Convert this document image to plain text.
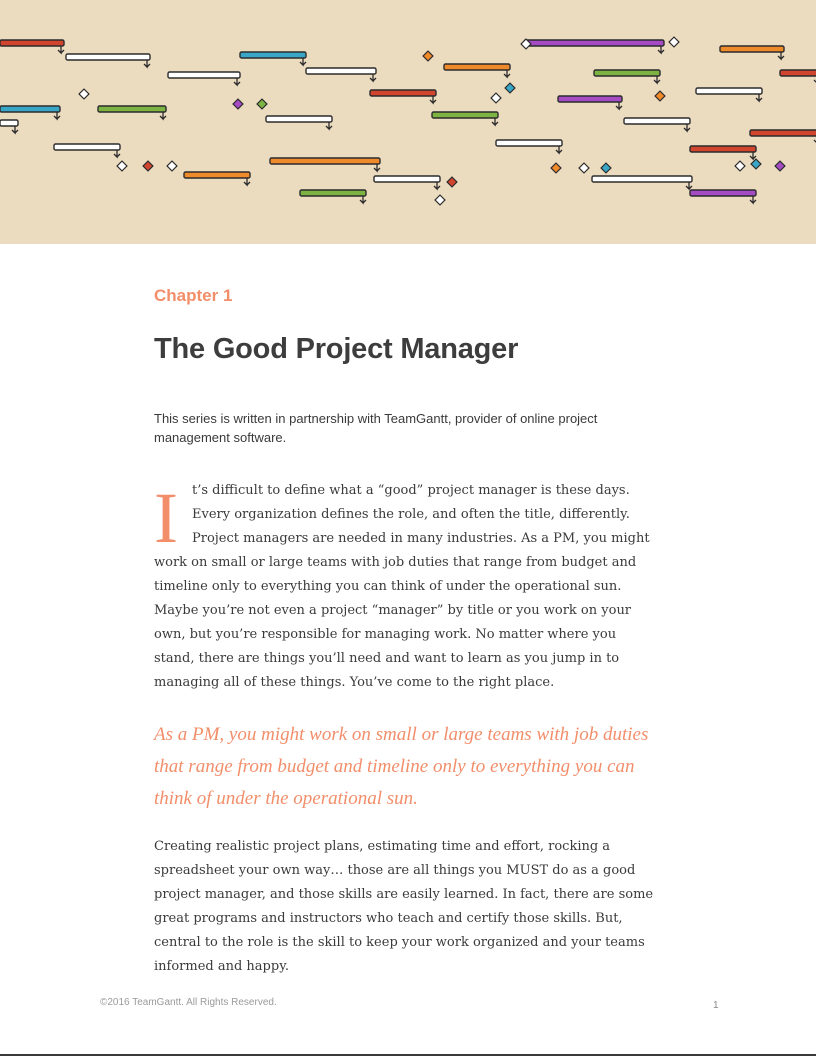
Chapter 1

The Good Project Manager

This series is written in partnership with TeamGantt, provider of online project management software.

I t’s difficult to define what a “good” project manager is these days. Every organization defines the role, and often the title, differently. Project managers are needed in many industries. As a PM, you might work on small or large teams with job duties that range from budget and timeline only to everything you can think of under the operational sun. Maybe you’re not even a project “manager” by title or you work on your own, but you’re responsible for managing work. No matter where you stand, there are things you’ll need and want to learn as you jump in to managing all of these things. You’ve come to the right place.

As a PM, you might work on small or large teams with job duties that range from budget and timeline only to everything you can think of under the operational sun.

Creating realistic project plans, estimating time and effort, rocking a spreadsheet your own way… those are all things you MUST do as a good project manager, and those skills are easily learned. In fact, there are some great programs and instructors who teach and certify those skills. But, central to the role is the skill to keep your work organized and your teams informed and happy.

©2016 TeamGantt. All Rights Reserved.	1
